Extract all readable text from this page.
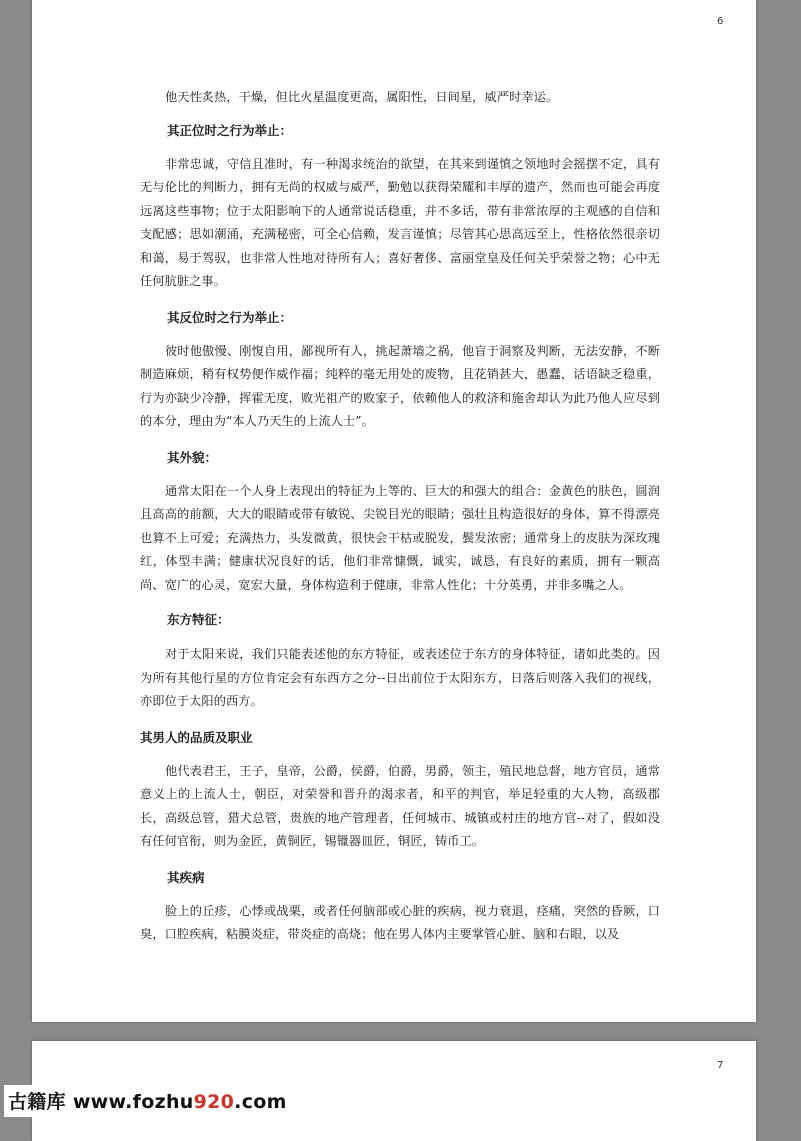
6

他天性炙热，干燥，但比火星温度更高，属阳性，日间星，威严时幸运。

其正位时之行为举止：

非常忠诚，守信且准时，有一种渴求统治的欲望，在其来到谨慎之领地时会摇摆不定，具有无与伦比的判断力，拥有无尚的权威与威严，勤勉以获得荣耀和丰厚的遗产，然而也可能会再度远离这些事物；位于太阳影响下的人通常说话稳重，并不多话，带有非常浓厚的主观感的自信和支配感；思如潮涌，充满秘密，可全心信赖，发言谨慎；尽管其心思高远至上，性格依然很亲切和蔼，易于驾驭，也非常人性地对待所有人；喜好奢侈、富丽堂皇及任何关乎荣誉之物；心中无任何肮脏之事。

其反位时之行为举止：

彼时他傲慢、刚愎自用，鄙视所有人，挑起萧墙之祸，他盲于洞察及判断，无法安静，不断制造麻烦，稍有权势便作威作福；纯粹的毫无用处的废物，且花销甚大，愚蠢，话语缺乏稳重，行为亦缺少冷静，挥霍无度，败光祖产的败家子，依赖他人的救济和施舍却认为此乃他人应尽到的本分，理由为“本人乃天生的上流人士”。

其外貌：

通常太阳在一个人身上表现出的特征为上等的、巨大的和强大的组合：金黄色的肤色，圆润且高高的前额，大大的眼睛或带有敏锐、尖锐目光的眼睛；强壮且构造很好的身体，算不得漂亮也算不上可爱；充满热力，头发微黄，很快会干枯或脱发，鬓发浓密；通常身上的皮肤为深玫瑰红，体型丰满；健康状况良好的话，他们非常慷慨，诚实，诚恳，有良好的素质，拥有一颗高尚、宽广的心灵，宽宏大量，身体构造利于健康，非常人性化；十分英勇，并非多嘴之人。

东方特征：

对于太阳来说，我们只能表述他的东方特征，或表述位于东方的身体特征，诸如此类的。因为所有其他行星的方位肯定会有东西方之分--日出前位于太阳东方，日落后则落入我们的视线，亦即位于太阳的西方。

其男人的品质及职业

他代表君王，王子，皇帝，公爵，侯爵，伯爵，男爵，领主，殖民地总督，地方官员，通常意义上的上流人士，朝臣，对荣誉和晋升的渴求者，和平的判官，举足轻重的大人物，高级郡长，高级总管，猎犬总管，贵族的地产管理者，任何城市、城镇或村庄的地方官--对了，假如没有任何官衔，则为金匠，黄铜匠，锡镴器皿匠，铜匠，铸币工。

其疾病

脸上的丘疹，心悸或战栗，或者任何脑部或心脏的疾病，视力衰退，痉痛，突然的昏厥，口臭，口腔疾病，粘膜炎症，带炎症的高烧；他在男人体内主要掌管心脏、脑和右眼，以及

7
古籍库 www.fozhu920.com
